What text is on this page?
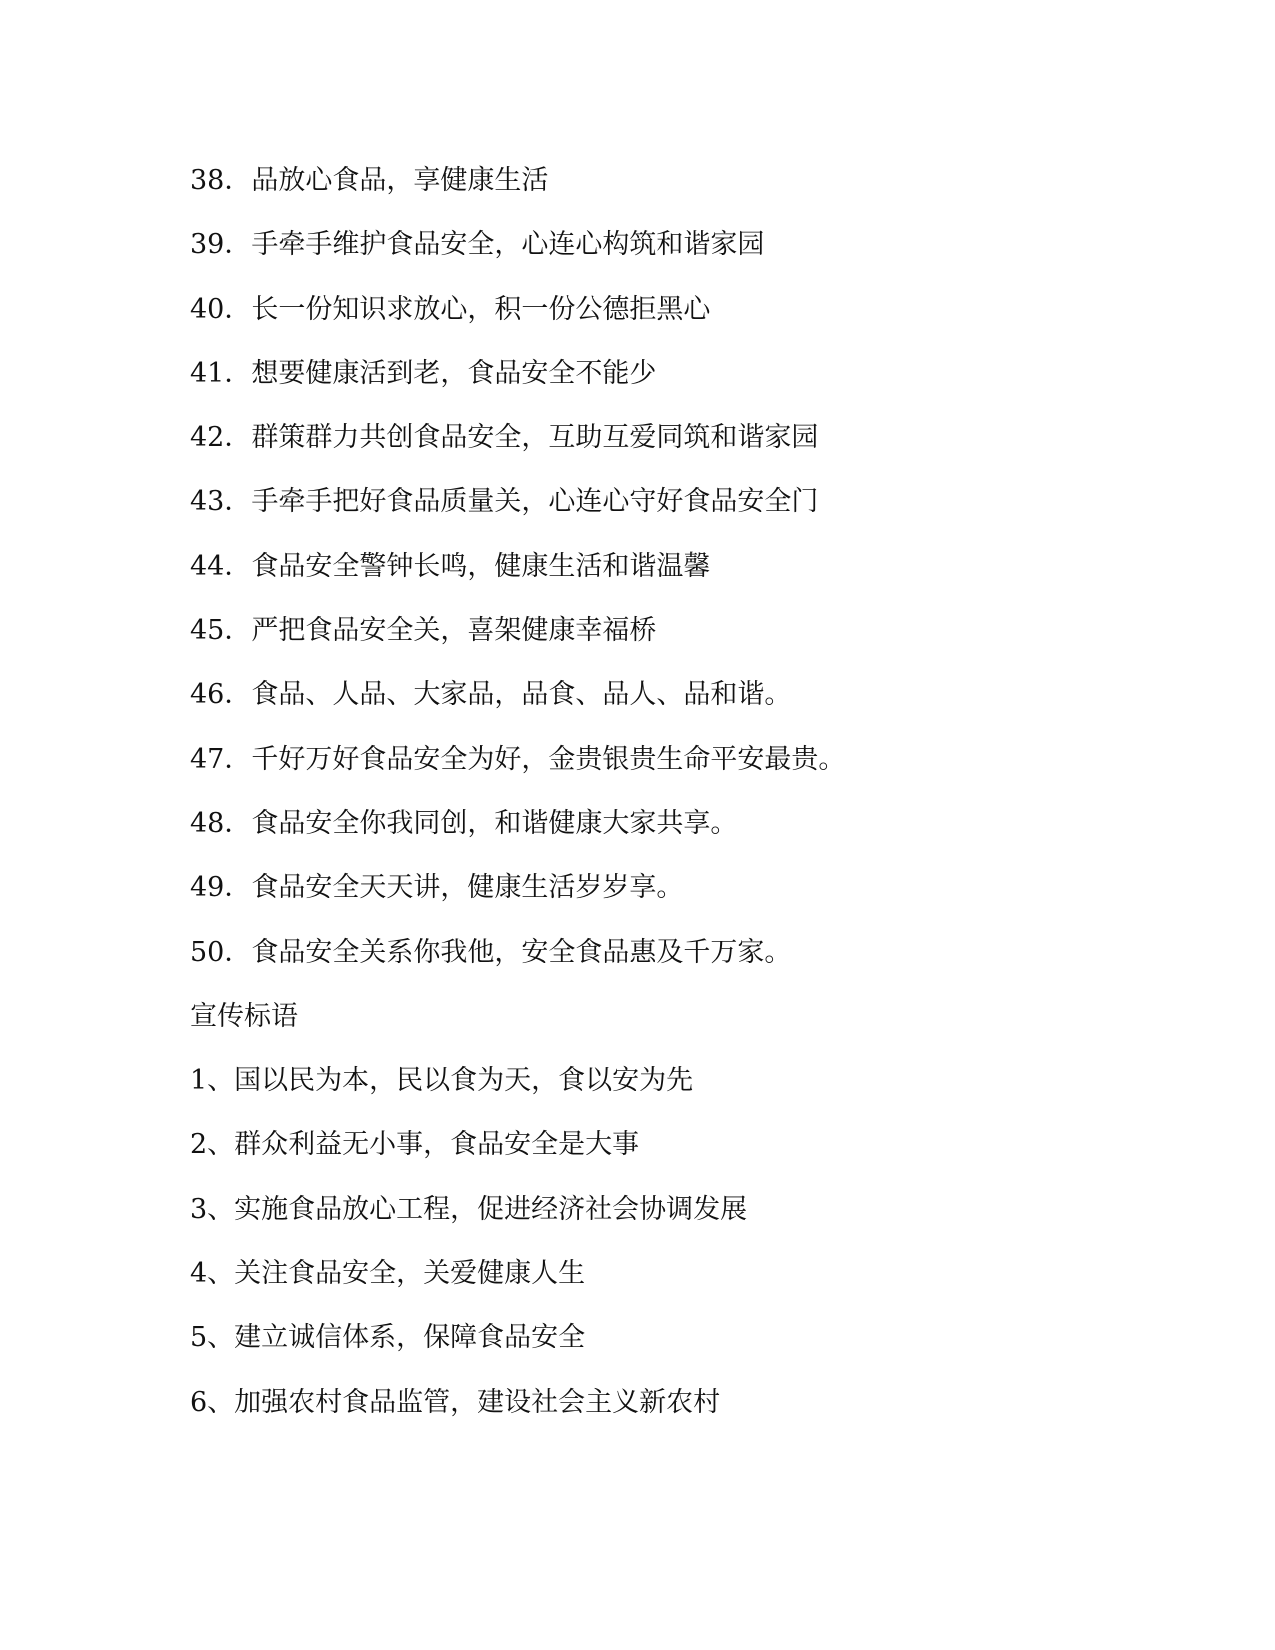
38．品放心食品，享健康生活
39．手牵手维护食品安全，心连心构筑和谐家园
40．长一份知识求放心，积一份公德拒黑心
41．想要健康活到老，食品安全不能少
42．群策群力共创食品安全，互助互爱同筑和谐家园
43．手牵手把好食品质量关，心连心守好食品安全门
44．食品安全警钟长鸣，健康生活和谐温馨
45．严把食品安全关，喜架健康幸福桥
46．食品、人品、大家品，品食、品人、品和谐。
47．千好万好食品安全为好，金贵银贵生命平安最贵。
48．食品安全你我同创，和谐健康大家共享。
49．食品安全天天讲，健康生活岁岁享。
50．食品安全关系你我他，安全食品惠及千万家。
宣传标语
1、国以民为本，民以食为天，食以安为先
2、群众利益无小事，食品安全是大事
3、实施食品放心工程，促进经济社会协调发展
4、关注食品安全，关爱健康人生
5、建立诚信体系，保障食品安全
6、加强农村食品监管，建设社会主义新农村
